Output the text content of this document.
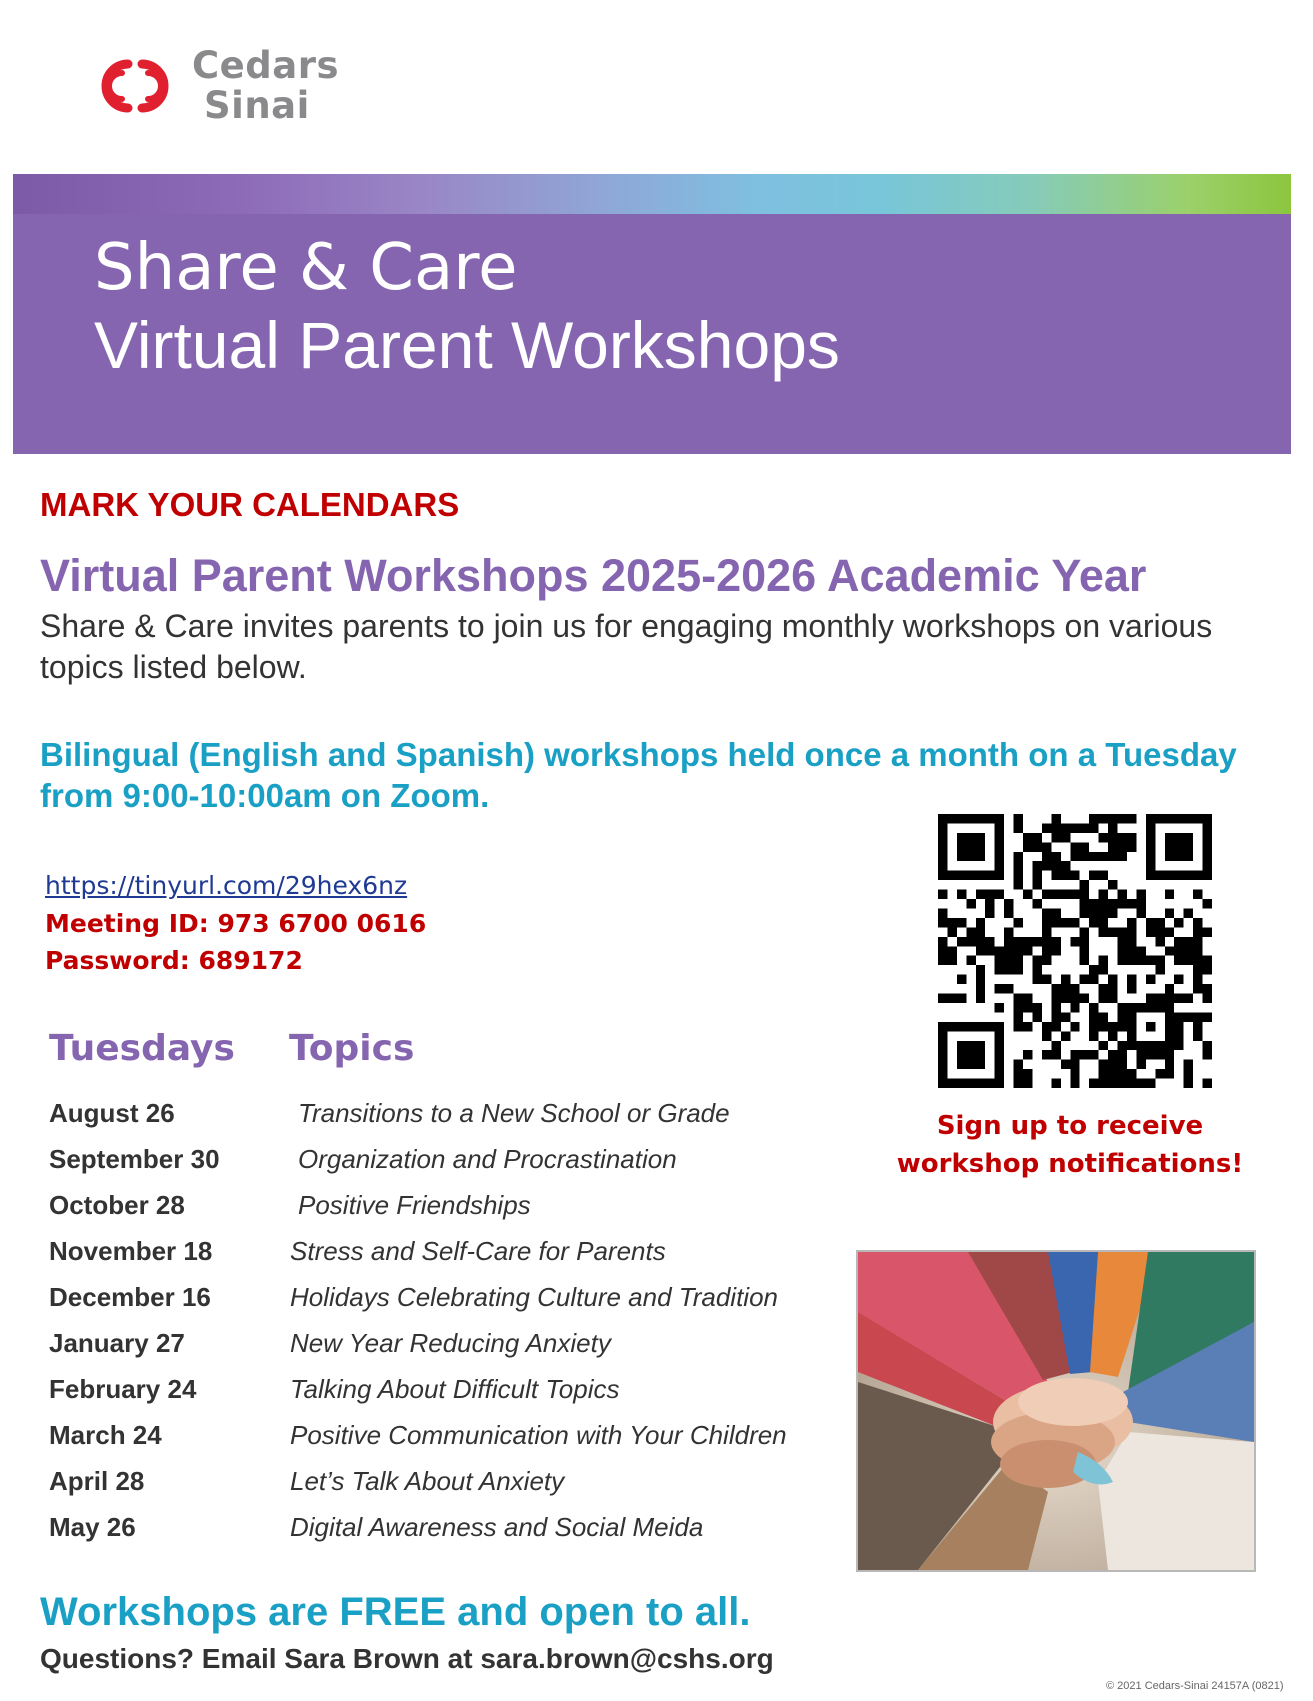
Cedars
Sinai
Share & Care
Virtual Parent Workshops
MARK YOUR CALENDARS
Virtual Parent Workshops 2025-2026 Academic Year
Share & Care invites parents to join us for engaging monthly workshops on various topics listed below.
Bilingual (English and Spanish) workshops held once a month on a Tuesday from 9:00-10:00am on Zoom.
https://tinyurl.com/29hex6nz
Meeting ID: 973 6700 0616
Password: 689172
Tuesdays Topics
August 26	Transitions to a New School or Grade
September 30	Organization and Procrastination
October 28	Positive Friendships
November 18	Stress and Self-Care for Parents
December 16	Holidays Celebrating Culture and Tradition
January 27	New Year Reducing Anxiety
February 24	Talking About Difficult Topics
March 24	Positive Communication with Your Children
April 28	Let’s Talk About Anxiety
May 26	Digital Awareness and Social Meida
Sign up to receive
workshop notifications!
Workshops are FREE and open to all.
Questions? Email Sara Brown at sara.brown@cshs.org
© 2021 Cedars-Sinai 24157A (0821)
